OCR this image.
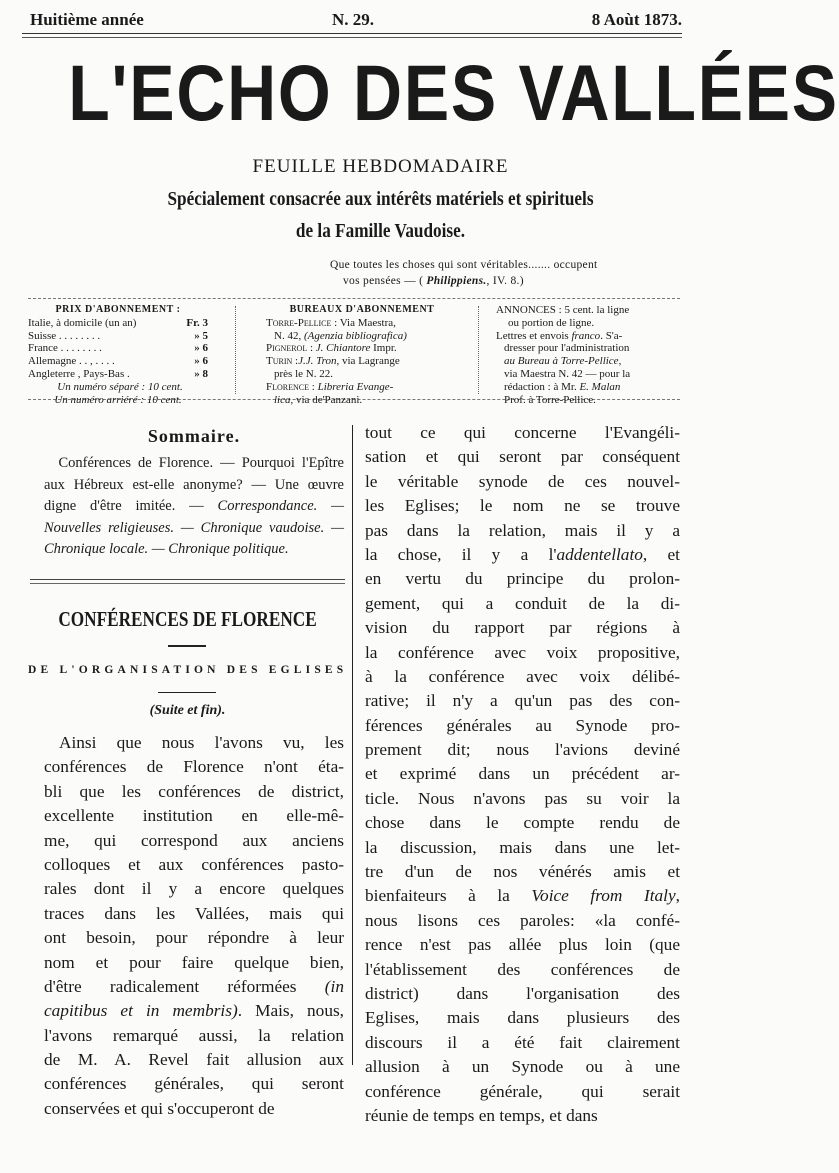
Huitième année	N. 29.	8 Aoùt 1873.
L'ECHO DES VALLÉES
FEUILLE HEBDOMADAIRE
Spécialement consacrée aux intérêts matériels et spirituels
de la Famille Vaudoise.
Que toutes les choses qui sont véritables....... occupent
vos pensées — ( Philippiens., IV. 8.)
PRIX D'ABONNEMENT :
Italie, à domicile (un an)	Fr. 3
Suisse . . . . . . . .	» 5
France . . . . . . . .	» 6
Allemagne . . , . . . .	» 6
Angleterre , Pays-Bas .	» 8
Un numéro séparé : 10 cent.
Un numéro arriéré : 10 cent.
BUREAUX D'ABONNEMENT
Torre-Pellice : Via Maestra,
N. 42, (Agenzia bibliografica)
Pignerol : J. Chiantore Impr.
Turin :J.J. Tron, via Lagrange
près le N. 22.
Florence : Libreria Evange-
lica, via de'Panzani.
ANNONCES : 5 cent. la ligne
ou portion de ligne.
Lettres et envois franco. S'a-
dresser pour l'administration
au Bureau à Torre-Pellice,
via Maestra N. 42 — pour la
rédaction : à Mr. E. Malan
Prof. à Torre-Pellice.
Sommaire.
 Conférences de Florence. — Pourquoi l'Epître aux Hébreux est-elle anonyme? — Une œuvre digne d'être imitée. — Correspondance. — Nouvelles religieuses. — Chronique vaudoise. — Chronique locale. — Chronique politique.
CONFÉRENCES DE FLORENCE
DE L'ORGANISATION DES EGLISES
(Suite et fin).
Ainsi que nous l'avons vu, les
conférences de Florence n'ont éta-
bli que les conférences de district,
excellente institution en elle-mê-
me, qui correspond aux anciens
colloques et aux conférences pasto-
rales dont il y a encore quelques
traces dans les Vallées, mais qui
ont besoin, pour répondre à leur
nom et pour faire quelque bien,
d'être radicalement réformées (in
capitibus et in membris). Mais, nous,
l'avons remarqué aussi, la relation
de M. A. Revel fait allusion aux
conférences générales, qui seront
conservées et qui s'occuperont de
tout ce qui concerne l'Evangéli-
sation et qui seront par conséquent
le véritable synode de ces nouvel-
les Eglises; le nom ne se trouve
pas dans la relation, mais il y a
la chose, il y a l'addentellato, et
en vertu du principe du prolon-
gement, qui a conduit de la di-
vision du rapport par régions à
la conférence avec voix propositive,
à la conférence avec voix délibé-
rative; il n'y a qu'un pas des con-
férences générales au Synode pro-
prement dit; nous l'avions deviné
et exprimé dans un précédent ar-
ticle. Nous n'avons pas su voir la
chose dans le compte rendu de
la discussion, mais dans une let-
tre d'un de nos vénérés amis et
bienfaiteurs à la Voice from Italy,
nous lisons ces paroles: «la confé-
rence n'est pas allée plus loin (que
l'établissement des conférences de
district) dans l'organisation des
Eglises, mais dans plusieurs des
discours il a été fait clairement
allusion à un Synode ou à une
conférence générale, qui serait
réunie de temps en temps, et dans
